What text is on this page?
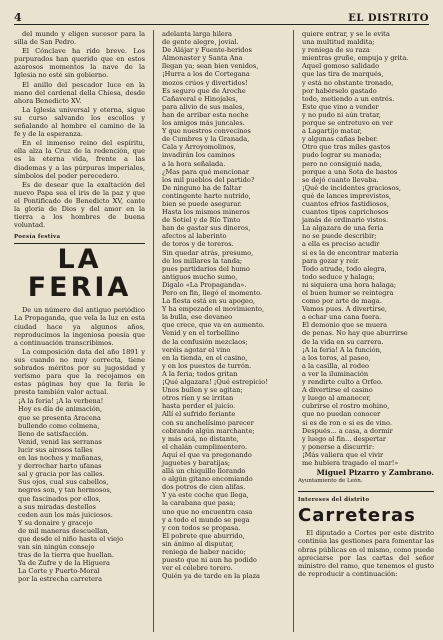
4	EL DISTRITO

del mundo y eligen sucesor para la silla de San Pedro.

El Cónclave ha rido breve. Los purpurados han querido que en estos azarosos momentos la nave de la Iglesia no esté sin gobierno.

El anillo del pescador luce en la mano del cardenal della Chiesa, desde ahora Benedicto XV.

La Iglesia universal y eterna, sigue su curso salvando los escollos y señalando al hombre el camino de la fe y de la esperanza.

En el inmenso reino del espíritu, ella alza la Cruz de la redención, que es la eterna vida, frente a las diademas y a las púrpuras imperiales, símbolos del poder perecedero.

Es de desear que la exaltación del nuevo Papa sea el iris de la paz y que el Pontificado de Benedicto XV, cante la gloria de Dios y del amor en la tierra a los hombres de buena voluntad.

Poesía festiva
LA FERIA

De un número del antiguo periódico La Propaganda, que vela la luz en esta ciudad hace ya algunos años, reproducimos la ingeniosa poesía que a continuación transcribimos.

La composición data del año 1891 y sus cuando no muy correcta, tiene sobrados méritos por su jugosidad y verismo para que la recojamos en estas páginas hoy que la feria le presta también valor actual.

¡A la feria! ¡A la verbena!

Hoy es día de animación,

que se presenta Aracena

bullendo como colmena,

lleno de satisfacción.

Venid, venid las serranas

lucir sus airosos talles

en las noches y mañanas,

y derrochar harto ufanas

sal y gracia por las calles.

Sus ojos, cual sus cabellos,

negros son, y tan hermosos,

que fascinados por ellos,

a sus miradas destellos

ceden aun los más juiciosos.

Y su donaire y gracejo

de mil maneras descuellan,

que desde el niño hasta el viejo

van sin ningún consejo

tras de la tierra que huellan.

Ya de Zufre y de la Higuera

La Corte y Puerto-Moral

por la estrecha carretera

adelanta larga hilera

de gente alegre, jovial.

De Alájar y Fuente-heridos

Almonaster y Santa Ana

llegan ya; sean bien venidos,

¡Hurra a los de Cortegana

mozos crúos y divertidos!

Es seguro que de Aroche

Cañaveral e Hinojales,

para alivio de sus males,

han de arribar esta noche

los amigos más juncales.

Y que nuestros convecinos

de Cumbres y la Granada,

Cala y Arroyomolinos,

invadirán los caminos

a la hora señalada.

¿Mas para qué mencionar

los mil pueblos del partido?

De ninguno ha de faltar

contingente harto nutrido,

bien se puede asegurar.

Hasta los mismos mineros

de Sotiel y de Río Tinto

han de gastar sus dineros,

afectos al laberinto

de toros y de toreros.

Sin quedar atrás, presumo,

de los millares la tanda;

pues partidarios del humo

antiguos mucho sumo,

Dígalo «La Propaganda».

Pero en fin, llegó el momento.

La fiesta está en su apogeo,

Y ha empezado el movimiento,

la bulla, ese devaneo

que crece, que va en aumento.

Venid y en el torbellino

de la confusión mezclaos;

veréis agotar el vino

en la tienda, en el casino,

y en los puestos de turrón.

A la feria; todos gritan

¡Qué algazara! ¡Qué estrepicio!

Unos bullen y se agitan;

otros ríen y se irritan

hasta perder el juicio.

Allí el sufrido feriante

con su anchelísimo parecer

cobrando algún marchante;

y más acá, no distante,

el chalán cumplimentero.

Aquí el que va pregonando

juguetes y baratijas;

allá un chiquillo llorando

o algún gitano encomiando

dos potros de cien alifas.

Y ya este coche que llega,

la carabana que pasa;

uno que no encuentra casa

y a todo el mundo se pega

y con todos se propasa.

El pobrete que aburrido,

sin ánimo al disputar,

reniega de haber nacido;

puesto que ni aun ha podido

ver el célebre torero.

Quién ya de tarde en la plaza

quiere entrar, y se le evita

una multitud maldita;

y reniega de su raza

mientras gruñe, empuja y grita.

Aquel gomoso salidado

que las tira de marqués,

y está no obstante tronado,

por habérselo gastado

todo, metiendo a un entrés.

Este que vino a vender

y no pudo ni aún tratar,

porque se entretuvo en ver

a Lagartijo matar,

y algunas cañas beber.

Otro que tras miles gastos

pudo lograr su manada;

pero no consiguió nada,

porque a una Sota de bastos

se dejó cuanto llevaba.

¡Qué de incidentes graciosos,

qué de lances imprevistos,

cuantos efrios fastidiosos,

cuantos tipos caprichosos

jamás de ordinario vistos.

La algazara de una feria

no se puede describir;

a ella es preciso acudir

si es la de encontrar materia

para gozar y reír.

Todo atrude, todo alegra,

todo seduce y halaga;

ni siquiera una hora halaga;

el buen humor se reintegra

como por arte de maga.

Vamos pues. A divertirse,

a echar una cana fuera.

El demonio que se muera

de penas. No hay que aburrirse

de la vida en su carrera.

¡A la feria! A la función,

a los toros, al paseo,

a la casilla, al rodeo

a ver la iluminación

y rendirte culto a Orfeo.

A divertirse el casino

y luego al amanecer,

cubrirse el rostro mohino,

que no puedan conocer

si es de ron o si es de vino.

Después... a casa, a dormir

y luego al fin... despertar

y ponerse a discurrir:

¡Más valiera que el vivir

me hubiera tragado el mar!»

Miguel Pizarro y Zambrano.
Ayuntamiento de León.
Intereses del distrito
Carreteras

El diputado a Cortes por este distrito continúa las gestiones para fomentar las obras públicas en el mismo, como puede apreciarse por las cartas del señor ministro del ramo, que tenemos el gusto de reproducir a continuación:
